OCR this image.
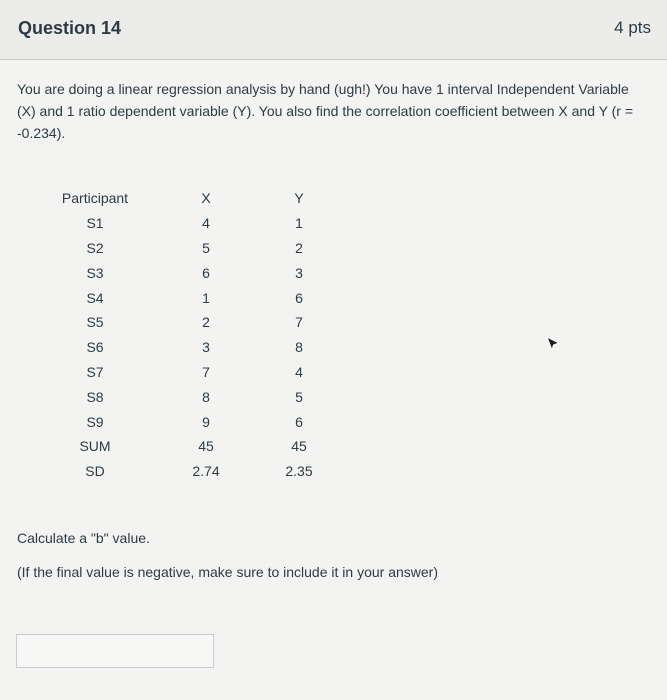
Question 14	4 pts
You are doing a linear regression analysis by hand (ugh!) You have 1 interval Independent Variable (X) and 1 ratio dependent variable (Y). You also find the correlation coefficient between X and Y (r = -0.234).
Participant	X	Y
S1	4	1
S2	5	2
S3	6	3
S4	1	6
S5	2	7
S6	3	8
S7	7	4
S8	8	5
S9	9	6
SUM	45	45
SD	2.74	2.35
Calculate a "b" value.
(If the final value is negative, make sure to include it in your answer)
